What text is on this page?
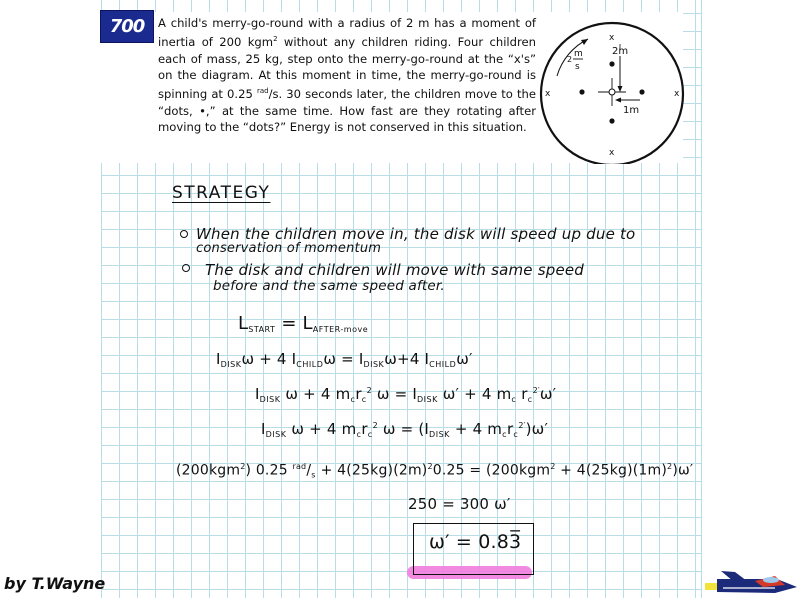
700	A child's merry-go-round with a radius of 2 m has a moment of inertia of 200 kgm$^2$ without any children riding. Four children each of mass, 25 kg, step onto the merry-go-round at the “x's” on the diagram. At this moment in time, the merry-go-round is spinning at 0.25 $^{rad}$/s. 30 seconds later, the children move to the “dots, •,” at the same time. How fast are they rotating after moving to the “dots?” Energy is not conserved in this situation.

2
m
s
x
x	x
x
2m
1m
STRATEGY
When the children move in, the disk will speed up due to
conservation of momentum
The disk and children will move with same speed
before and the same speed after.
$L_{START} = L_{AFTER-move}$
$I_{DISK}\omega + 4$ $I_{CHILD}\omega = I_{DISK}\omega+4$ $I_{CHILD}\omega'$
$I_{DISK}$ ω + 4 $m_cr_c^2$ $\omega = I_{DISK}$ ω′ + 4 $m_c$ $r_c^{2'}\omega'$
$I_{DISK}$ ω + 4 $m_cr_c^2$ $\omega = (I_{DISK} + 4$ $m_cr_c^{2'})\omega'$
(200kgm$^2$) 0.25 $^{rad}/_s + 4(25kg)(2m)^20.25 = (200kgm^2 + 4(25kg)(1m)^2)\omega'$
250 = 300 ω′
ω′ = 0.83̅
by T.Wayne
